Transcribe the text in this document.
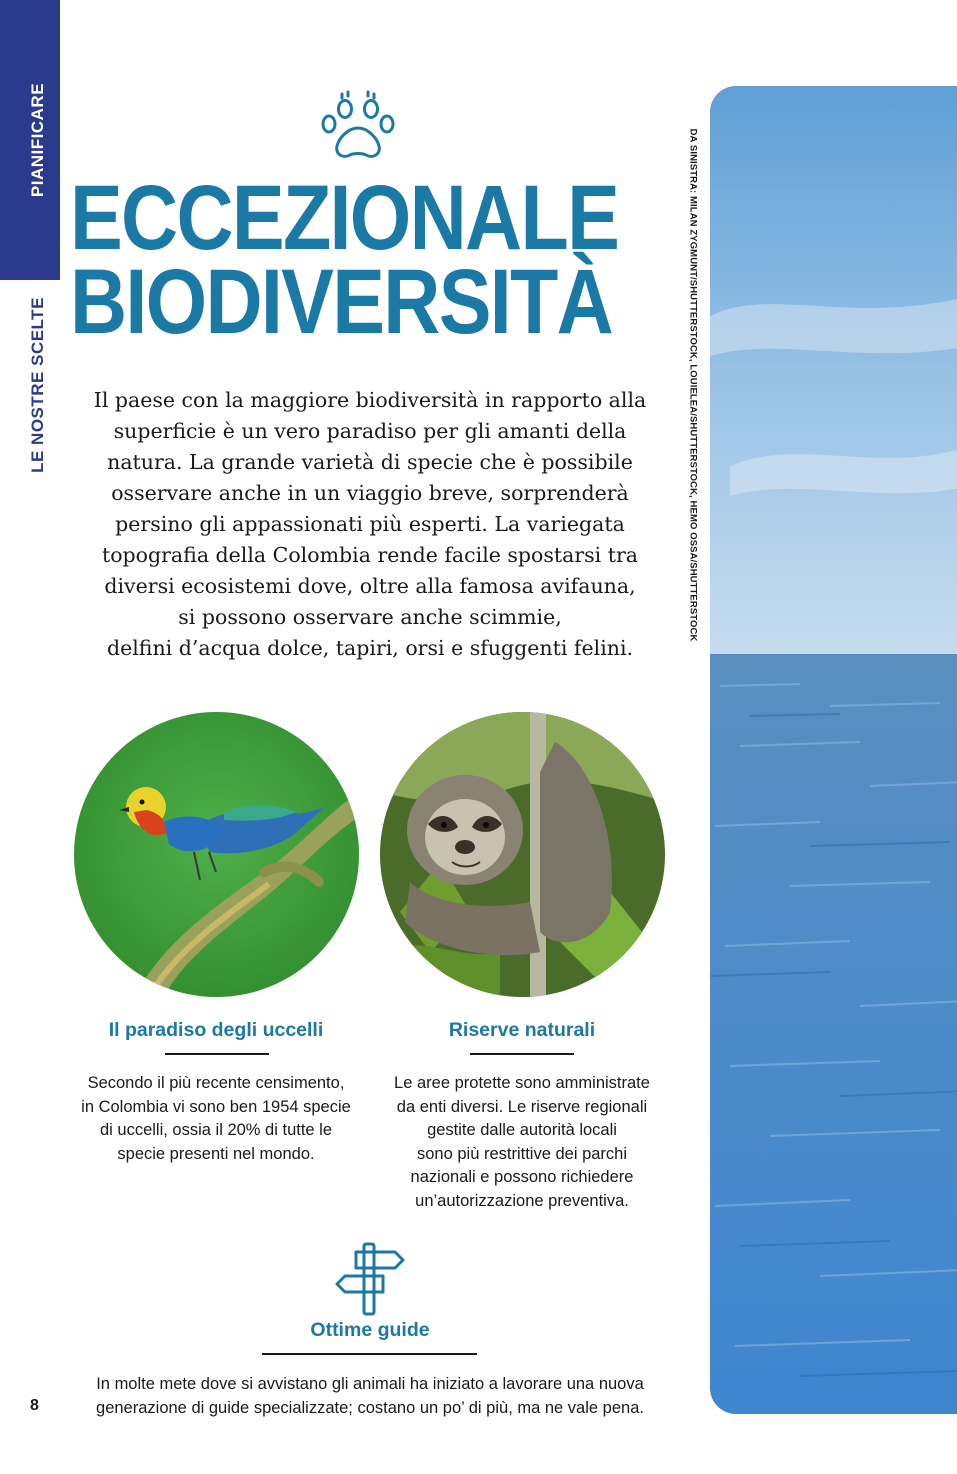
PIANIFICARE
LE NOSTRE SCELTE
ECCEZIONALE
BIODIVERSITÀ

Il paese con la maggiore biodiversità in rapporto alla
superficie è un vero paradiso per gli amanti della
natura. La grande varietà di specie che è possibile
osservare anche in un viaggio breve, sorprenderà
persino gli appassionati più esperti. La variegata
topografia della Colombia rende facile spostarsi tra
diversi ecosistemi dove, oltre alla famosa avifauna,
si possono osservare anche scimmie,
delfini d’acqua dolce, tapiri, orsi e sfuggenti felini.

Il paradiso degli uccelli

Secondo il più recente censimento,
in Colombia vi sono ben 1954 specie
di uccelli, ossia il 20% di tutte le
specie presenti nel mondo.

Riserve naturali

Le aree protette sono amministrate
da enti diversi. Le riserve regionali
gestite dalle autorità locali
sono più restrittive dei parchi
nazionali e possono richiedere
un’autorizzazione preventiva.

Ottime guide

In molte mete dove si avvistano gli animali ha iniziato a lavorare una nuova
generazione di guide specializzate; costano un po’ di più, ma ne vale pena.

8
DA SINISTRA: MILAN ZYGMUNT/SHUTTERSTOCK, LOUIELEA/SHUTTERSTOCK, HEMO OSSA/SHUTTERSTOCK
